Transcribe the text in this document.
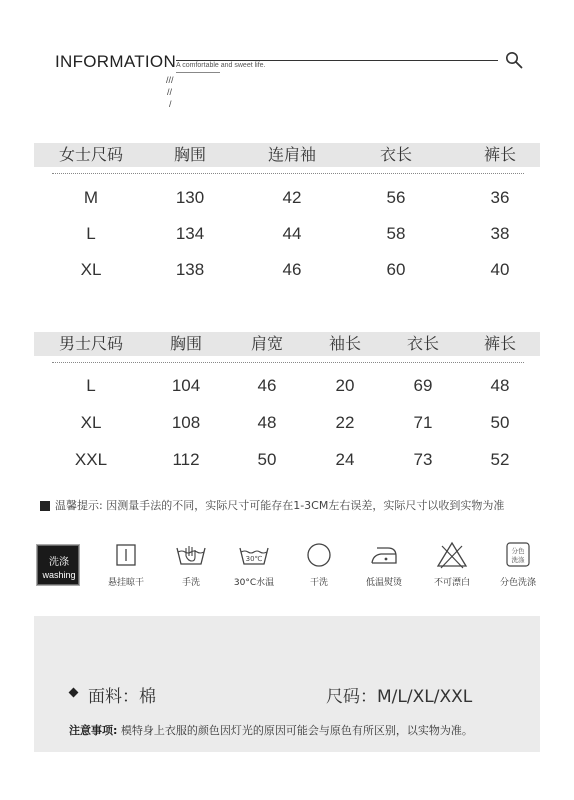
INFORMATION A comfortable and sweet life.
///
//
/
女士尺码	胸围	连肩袖	衣长	裤长
M	130	42	56	36
L	134	44	58	38
XL	138	46	60	40
男士尺码	胸围	肩宽	袖长	衣长	裤长
L	104	46	20	69	48
XL	108	48	22	71	50
XXL	112	50	24	73	52
温馨提示: 因测量手法的不同，实际尺寸可能存在1-3CM左右误差，实际尺寸以收到实物为准
洗涤
washing
悬挂晾干	手洗
30℃
30°C水温	干洗	低温熨烫	不可漂白
分色
洗涤
分色洗涤
面料：棉	尺码：M/L/XL/XXL
注意事项: 模特身上衣服的颜色因灯光的原因可能会与原色有所区别，以实物为准。
